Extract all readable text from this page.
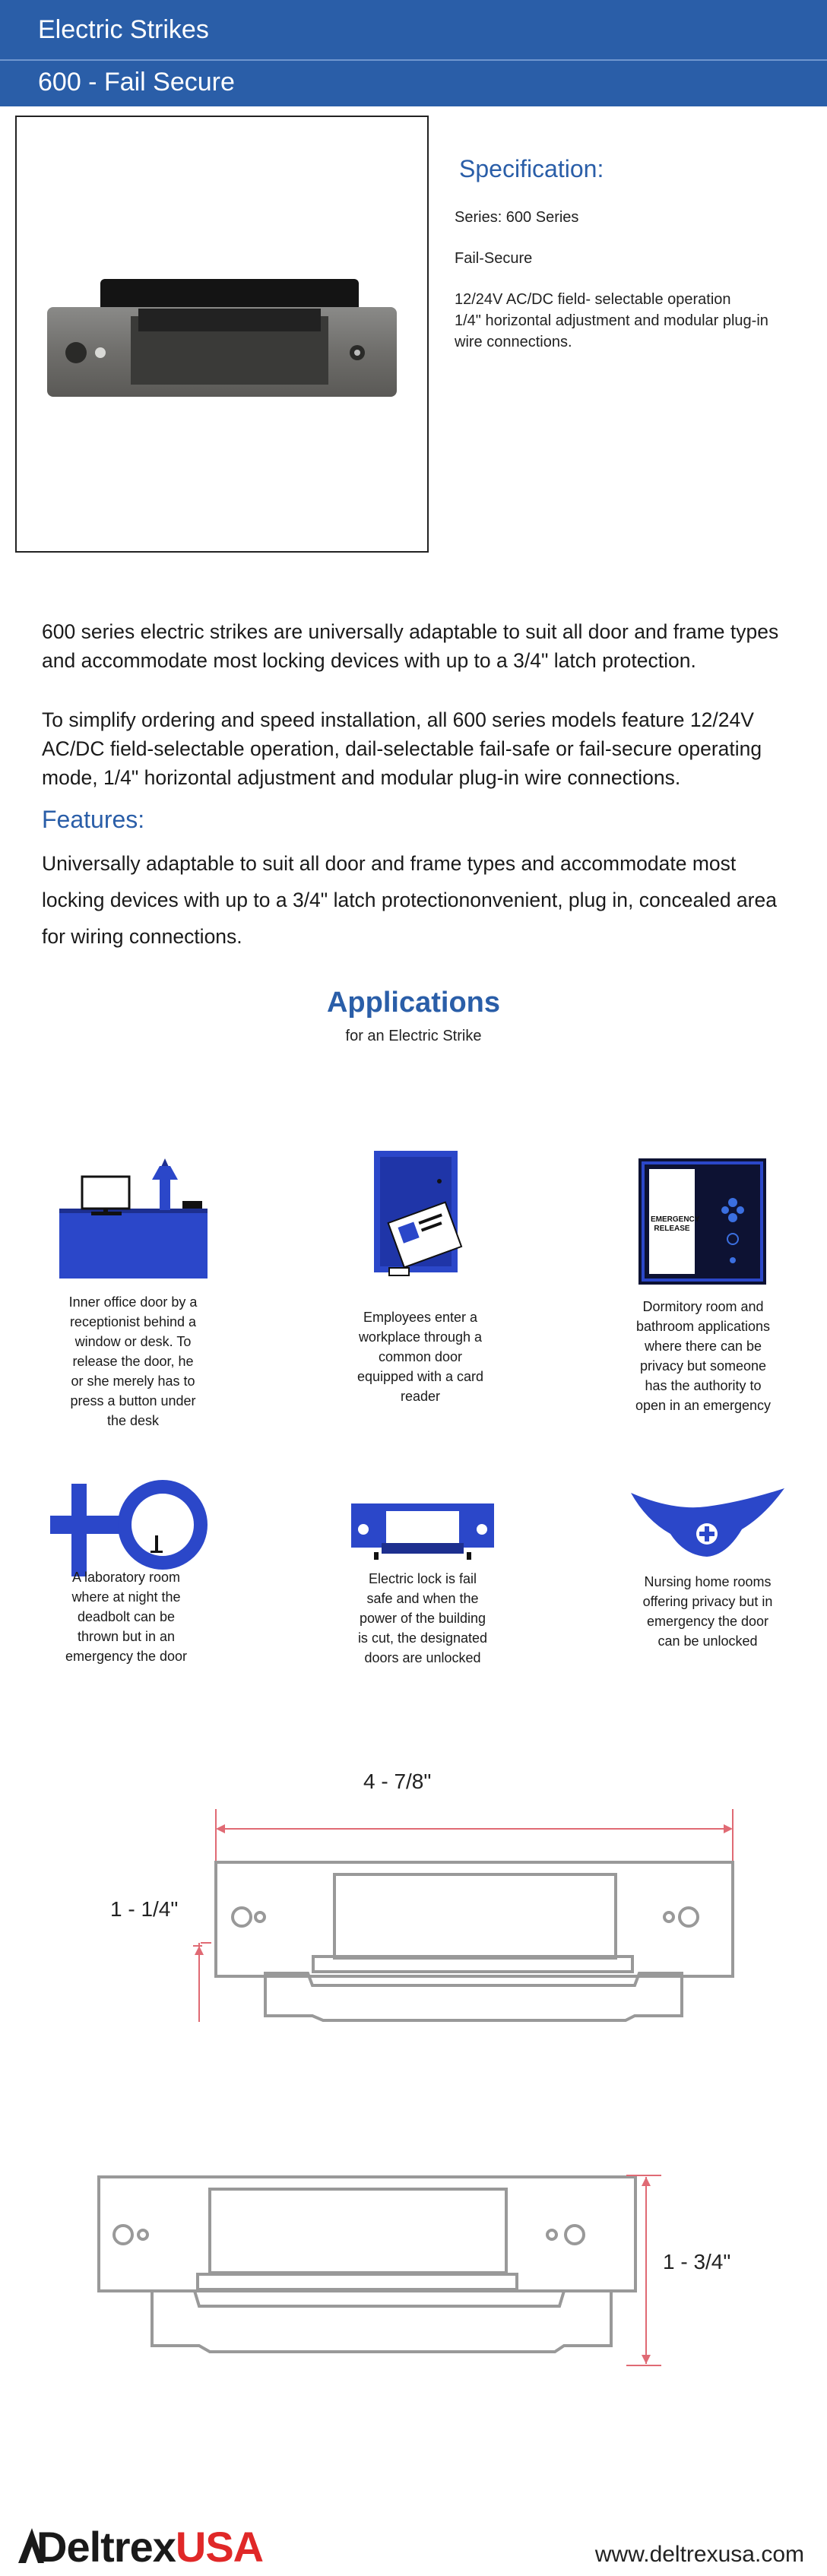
Electric Strikes
600 - Fail Secure
Specification:
Series: 600 Series
Fail-Secure
12/24V AC/DC field- selectable operation
1/4" horizontal adjustment and modular plug-in
wire connections.
600 series electric strikes are universally adaptable to suit all door and frame types
and accommodate most locking devices with up to a 3/4" latch protection.
To simplify ordering and speed installation, all 600 series models feature 12/24V
AC/DC field-selectable operation, dail-selectable fail-safe or fail-secure operating
mode, 1/4" horizontal adjustment and modular plug-in wire connections.
Features:
Universally adaptable to suit all door and frame types and accommodate most
locking devices with up to a 3/4" latch protectiononvenient, plug in, concealed area
for wiring connections.
Applications
for an Electric Strike
Inner office door by a
receptionist behind a
window or desk. To
release the door, he
or she merely has to
press a button under
the desk
Employees enter a
workplace through a
common door
equipped with a card
reader
EMERGENCY
RELEASE
Dormitory room and
bathroom applications
where there can be
privacy but someone
has the authority to
open in an emergency
A laboratory room
where at night the
deadbolt can be
thrown but in an
emergency the door
Electric lock is fail
safe and when the
power of the building
is cut, the designated
doors are unlocked
Nursing home rooms
offering privacy but in
emergency the door
can be unlocked
4 - 7/8"
1 - 1/4"
1 - 3/4"
DeltrexUSA	www.deltrexusa.com
